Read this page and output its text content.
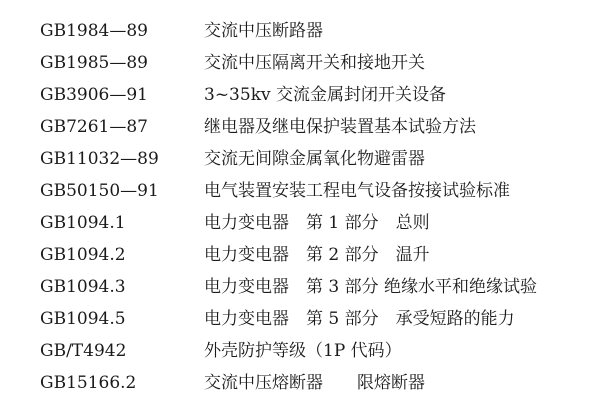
GB1984—89	交流中压断路器
GB1985—89	交流中压隔离开关和接地开关
GB3906—91	3~35kv 交流金属封闭开关设备
GB7261—87	继电器及继电保护装置基本试验方法
GB11032—89	交流无间隙金属氧化物避雷器
GB50150—91	电气装置安装工程电气设备按接试验标准
GB1094.1	电力变电器　第 1 部分　总则
GB1094.2	电力变电器　第 2 部分　温升
GB1094.3	电力变电器　第 3 部分 绝缘水平和绝缘试验
GB1094.5	电力变电器　第 5 部分　承受短路的能力
GB/T4942	外壳防护等级（1P 代码）
GB15166.2	交流中压熔断器　　限熔断器
